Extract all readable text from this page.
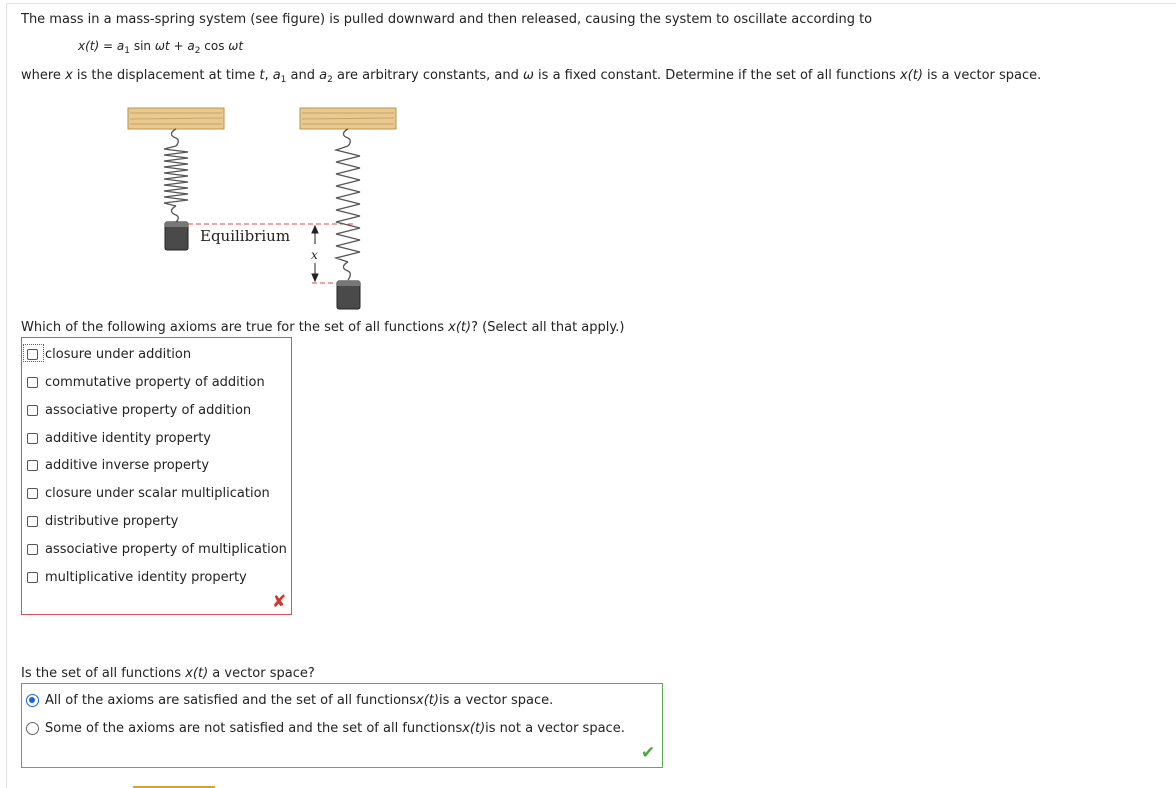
The mass in a mass-spring system (see figure) is pulled downward and then released, causing the system to oscillate according to
$x(t) = a_1$ $\sin \omega t + a_2$ cos ωt
where x is the displacement at time t, $a_1$ and $a_2$ are arbitrary constants, and ω is a fixed constant. Determine if the set of all functions x(t) is a vector space.
Equilibrium
x
Which of the following axioms are true for the set of all functions x(t)? (Select all that apply.)
closure under addition
commutative property of addition
associative property of addition
additive identity property
additive inverse property
closure under scalar multiplication
distributive property
associative property of multiplication
multiplicative identity property
✘
Is the set of all functions x(t) a vector space?
All of the axioms are satisfied and the set of all functions x(t) is a vector space.
Some of the axioms are not satisfied and the set of all functions x(t) is not a vector space.
✔
